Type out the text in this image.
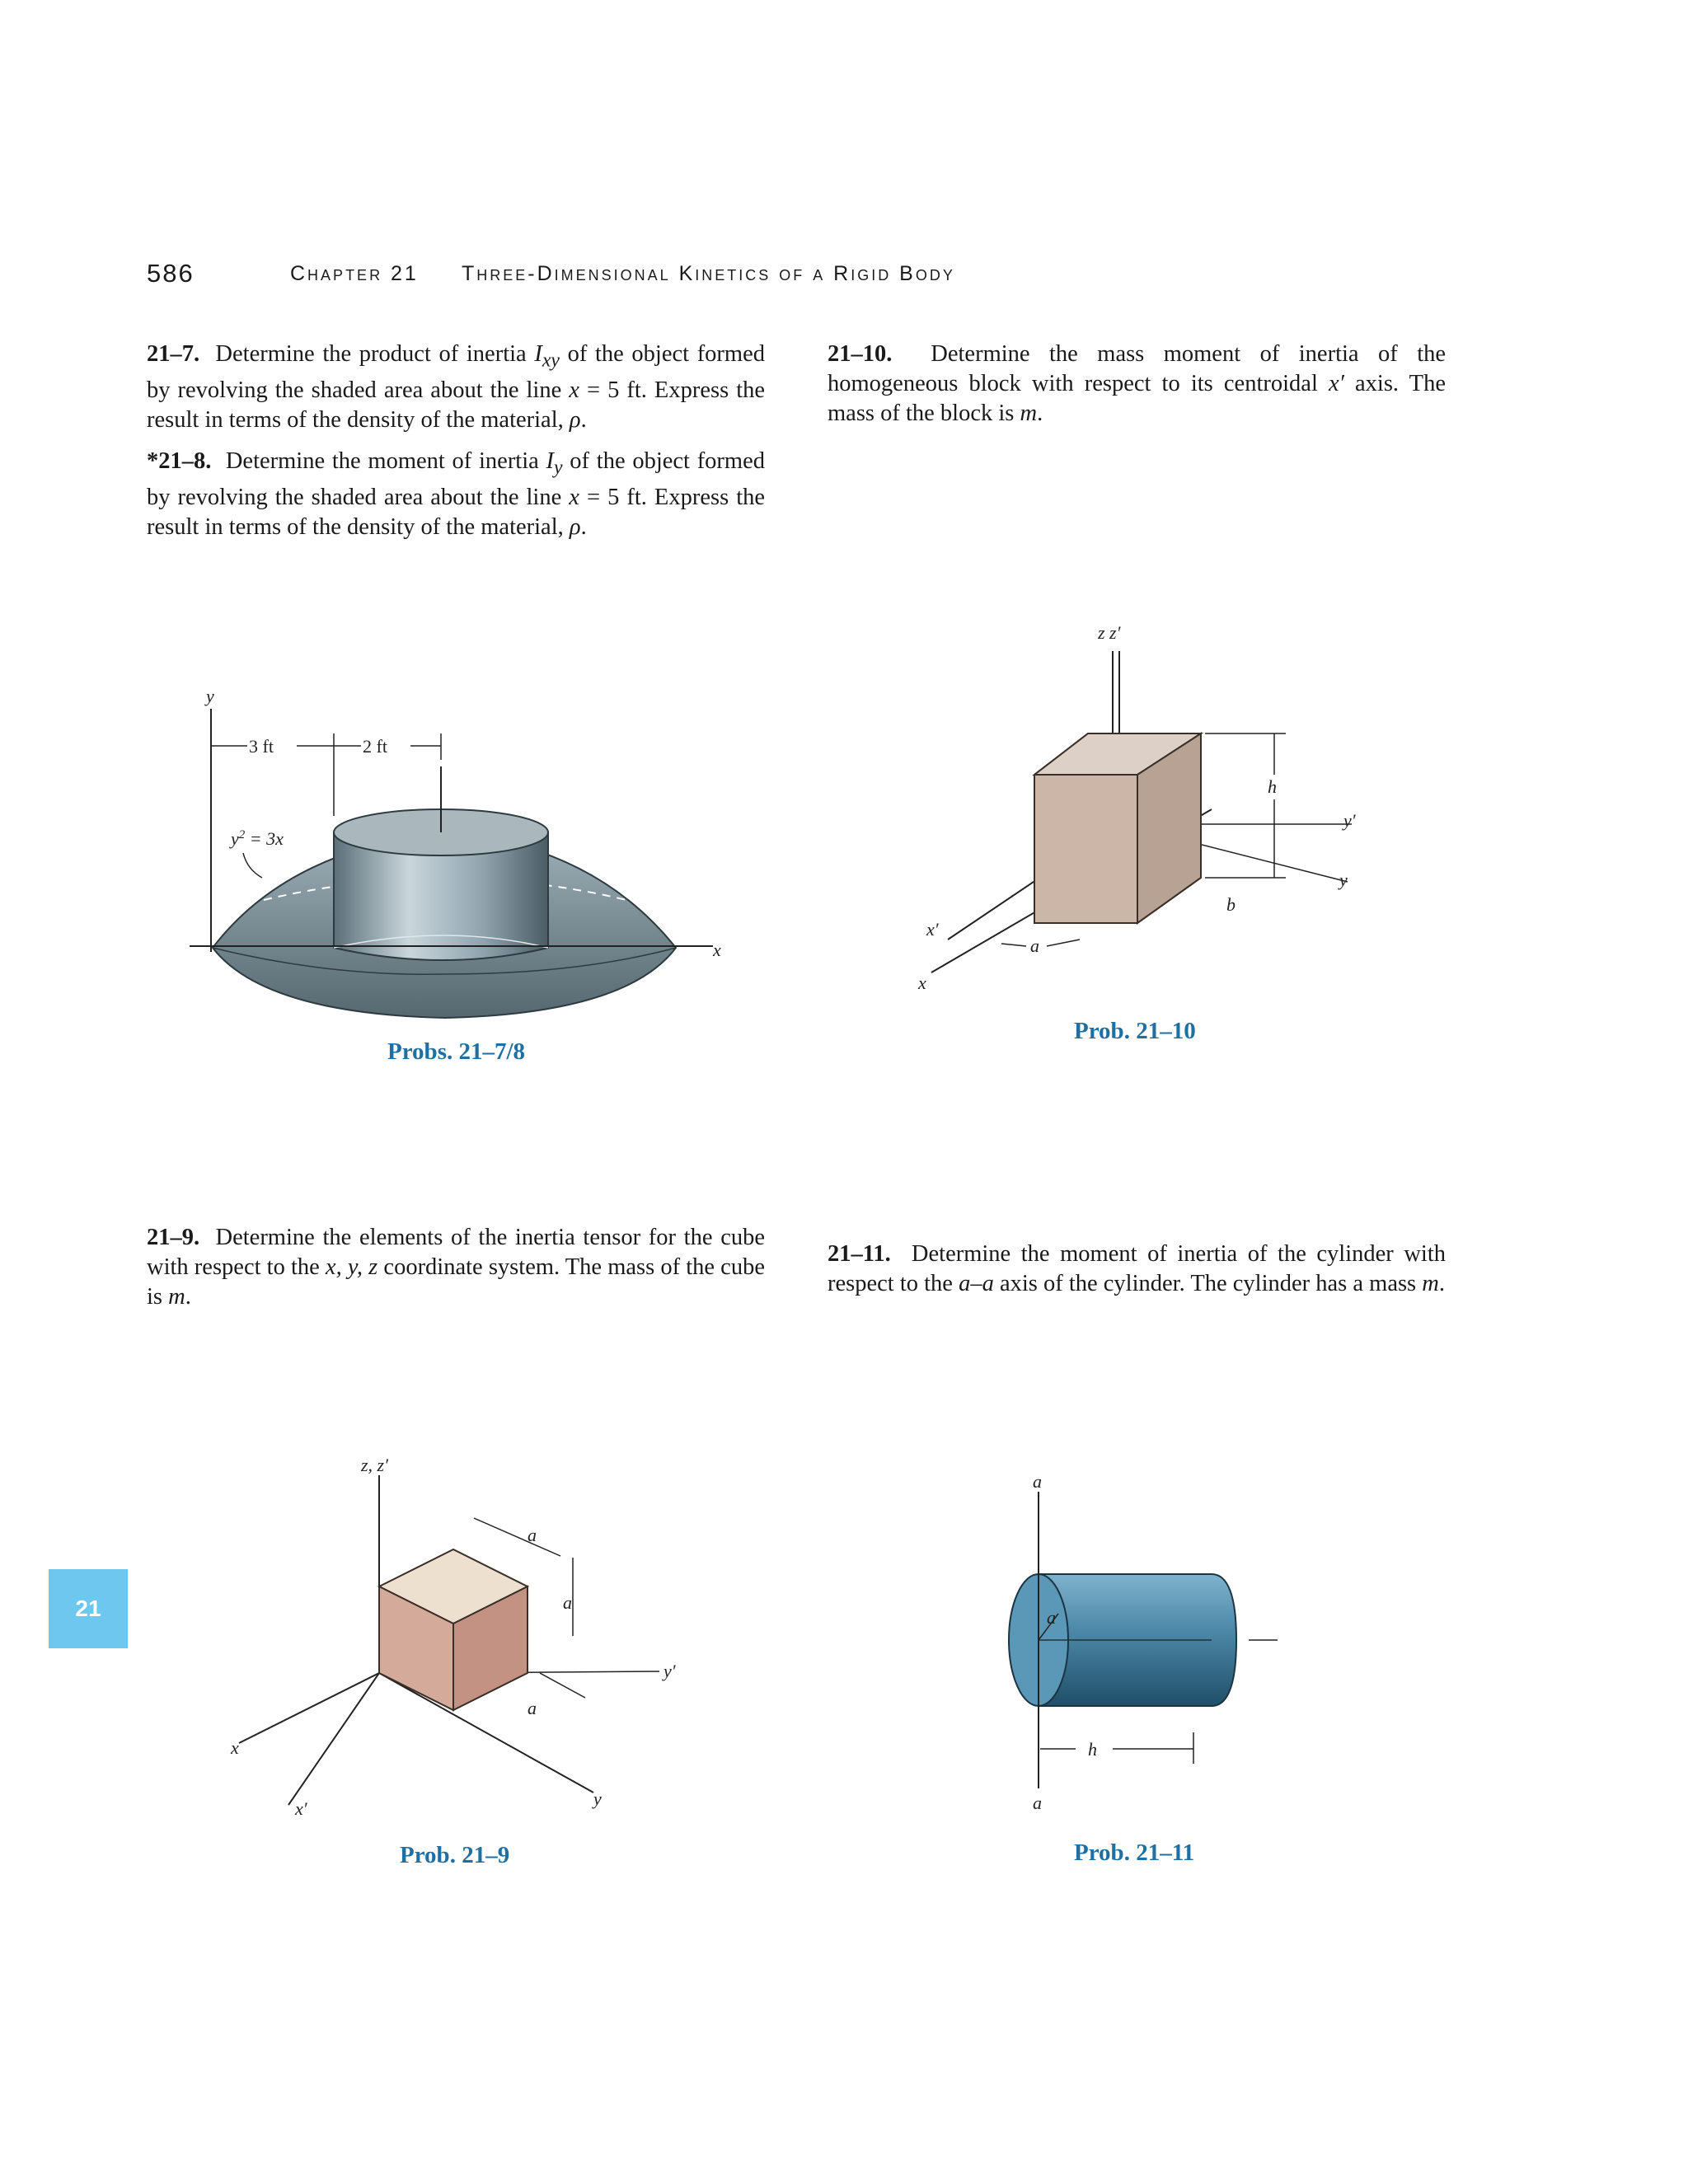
586	Chapter 21 Three-Dimensional Kinetics of a Rigid Body
21–7. Determine the product of inertia $I_{xy}$ of the object formed by revolving the shaded area about the line x = 5 ft. Express the result in terms of the density of the material, ρ.
*21–8. Determine the moment of inertia $I_y$ of the object formed by revolving the shaded area about the line x = 5 ft. Express the result in terms of the density of the material, ρ.
21–10. Determine the mass moment of inertia of the homogeneous block with respect to its centroidal x′ axis. The mass of the block is m.
21–9. Determine the elements of the inertia tensor for the cube with respect to the x, y, z coordinate system. The mass of the cube is m.
21–11. Determine the moment of inertia of the cylinder with respect to the a–a axis of the cylinder. The cylinder has a mass m.
3 ft	2 ft
y
x
$y^2 = 3x$
Probs. 21–7/8
h
y′
y
b
a
x′
x
z z′
Prob. 21–10
a
a
a
z, z′
y′
x
x′	y
Prob. 21–9
a
a
a
h
Prob. 21–11
21
